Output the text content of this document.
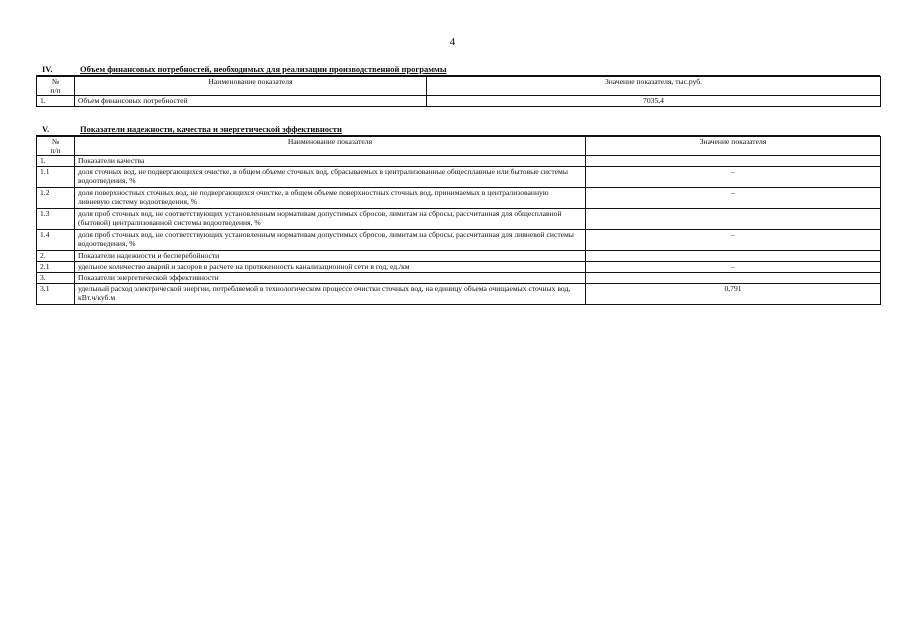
4
IV.	Объем финансовых потребностей, необходимых для реализации производственной программы
№
п/п	Наименование показателя	Значение показателя, тыс.руб.
1.	Объем финансовых потребностей	7035,4
V.	Показатели надежности, качества и энергетической эффективности
№
п/п	Наименование показателя	Значение показателя
1.	Показатели качества	
1.1	доля сточных вод, не подвергающихся очистке, в общем объеме сточных вод, сбрасываемых в централизованные общесплавные или бытовые системы водоотведения, %	–
1.2	доля поверхностных сточных вод, не подвергающихся очистке, в общем объеме поверхностных сточных вод, принимаемых в централизованную ливневую систему водоотведения, %	–
1.3	доля проб сточных вод, не соответствующих установленным нормативам допустимых сбросов, лимитам на сбросы, рассчитанная для общесплавной (бытовой) централизованной системы водоотведения, %	
1.4	доля проб сточных вод, не соответствующих установленным нормативам допустимых сбросов, лимитам на сбросы, рассчитанная для ливневой системы водоотведения, %	–
2.	Показатели надежности и бесперебойности	
2.1	удельное количество аварий и засоров в расчете на протяженность канализационной сети в год, ед./км	–
3.	Показатели энергетической эффективности	
3.1	удельный расход электрической энергии, потребляемой в технологическом процессе очистки сточных вод, на единицу объема очищаемых сточных вод, кВт.ч/куб.м	0,791
